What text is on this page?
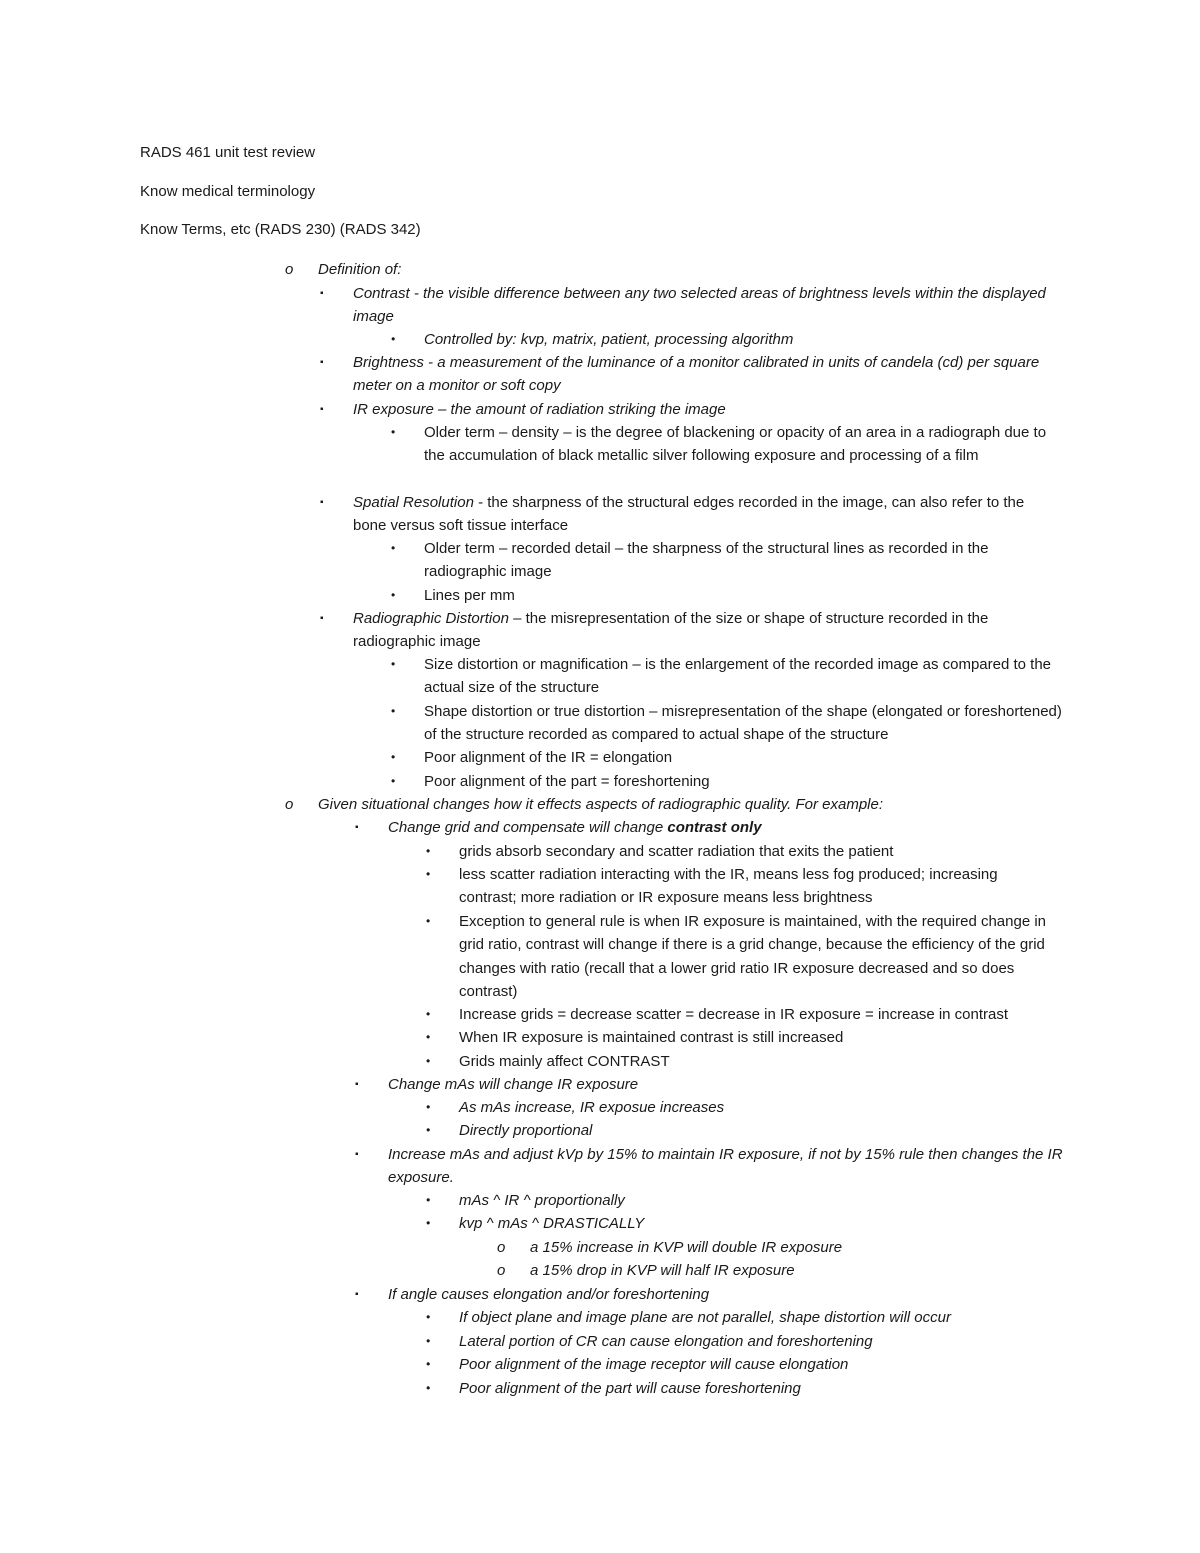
RADS 461 unit test review
Know medical terminology
Know Terms, etc (RADS 230) (RADS 342)
o Definition of:
▪ Contrast - the visible difference between any two selected areas of brightness levels within the displayed image
• Controlled by: kvp, matrix, patient, processing algorithm
▪ Brightness - a measurement of the luminance of a monitor calibrated in units of candela (cd) per square meter on a monitor or soft copy
▪ IR exposure – the amount of radiation striking the image
• Older term – density – is the degree of blackening or opacity of an area in a radiograph due to the accumulation of black metallic silver following exposure and processing of a film
▪ Spatial Resolution - the sharpness of the structural edges recorded in the image, can also refer to the bone versus soft tissue interface
• Older term – recorded detail – the sharpness of the structural lines as recorded in the radiographic image
• Lines per mm
▪ Radiographic Distortion – the misrepresentation of the size or shape of structure recorded in the radiographic image
• Size distortion or magnification – is the enlargement of the recorded image as compared to the actual size of the structure
• Shape distortion or true distortion – misrepresentation of the shape (elongated or foreshortened) of the structure recorded as compared to actual shape of the structure
• Poor alignment of the IR = elongation
• Poor alignment of the part = foreshortening
o Given situational changes how it effects aspects of radiographic quality. For example:
▪ Change grid and compensate will change contrast only
• grids absorb secondary and scatter radiation that exits the patient
• less scatter radiation interacting with the IR, means less fog produced; increasing contrast; more radiation or IR exposure means less brightness
• Exception to general rule is when IR exposure is maintained, with the required change in grid ratio, contrast will change if there is a grid change, because the efficiency of the grid changes with ratio (recall that a lower grid ratio IR exposure decreased and so does contrast)
• Increase grids = decrease scatter = decrease in IR exposure = increase in contrast
• When IR exposure is maintained contrast is still increased
• Grids mainly affect CONTRAST
▪ Change mAs will change IR exposure
• As mAs increase, IR exposue increases
• Directly proportional
▪ Increase mAs and adjust kVp by 15% to maintain IR exposure, if not by 15% rule then changes the IR exposure.
• mAs ^ IR ^ proportionally
• kvp ^ mAs ^ DRASTICALLY
o a 15% increase in KVP will double IR exposure
o a 15% drop in KVP will half IR exposure
▪ If angle causes elongation and/or foreshortening
• If object plane and image plane are not parallel, shape distortion will occur
• Lateral portion of CR can cause elongation and foreshortening
• Poor alignment of the image receptor will cause elongation
• Poor alignment of the part will cause foreshortening
